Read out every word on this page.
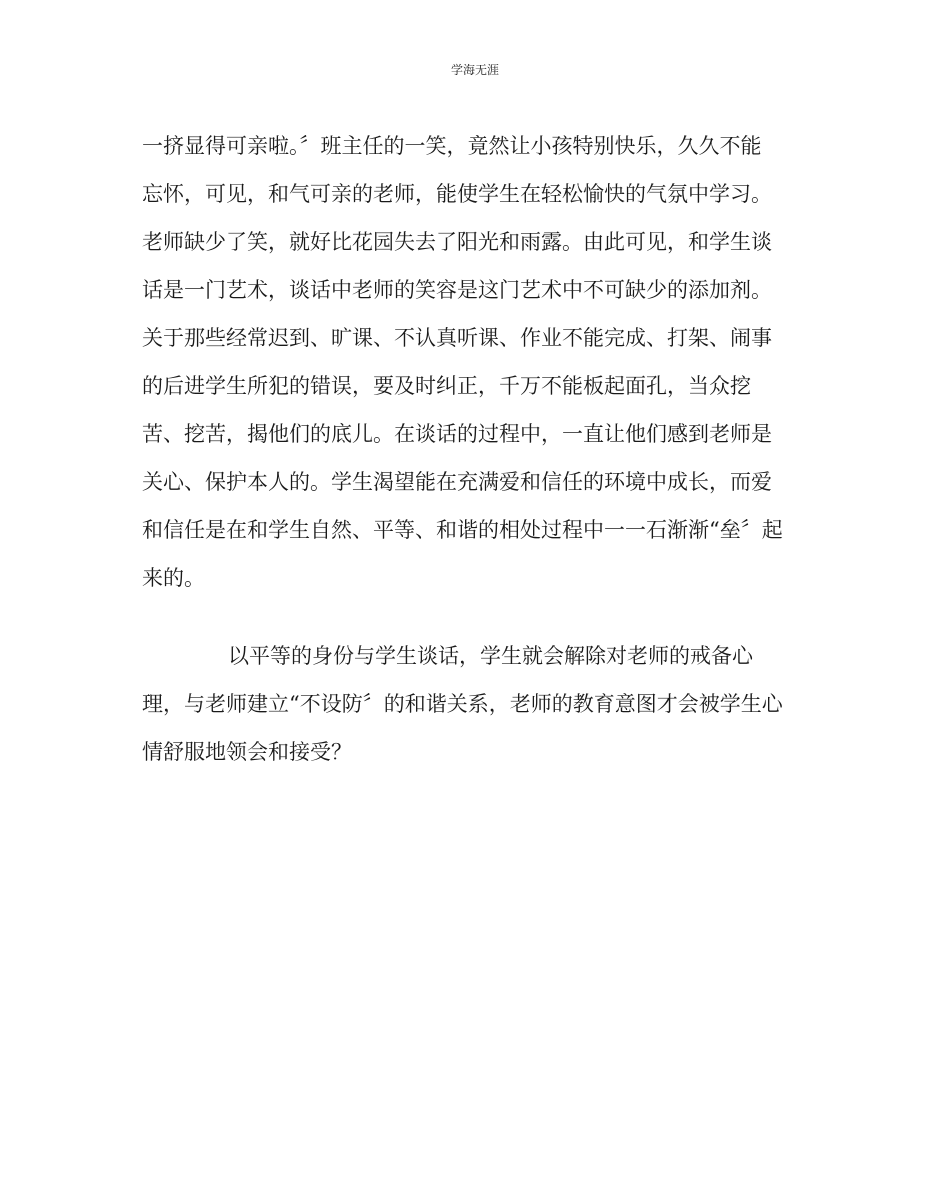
学海无涯
一挤显得可亲啦。〞班主任的一笑，竟然让小孩特别快乐，久久不能
忘怀，可见，和气可亲的老师，能使学生在轻松愉快的气氛中学习。
老师缺少了笑，就好比花园失去了阳光和雨露。由此可见，和学生谈
话是一门艺术，谈话中老师的笑容是这门艺术中不可缺少的添加剂。
关于那些经常迟到、旷课、不认真听课、作业不能完成、打架、闹事
的后进学生所犯的错误，要及时纠正，千万不能板起面孔，当众挖
苦、挖苦，揭他们的底儿。在谈话的过程中，一直让他们感到老师是
关心、保护本人的。学生渴望能在充满爱和信任的环境中成长，而爱
和信任是在和学生自然、平等、和谐的相处过程中一一石渐渐“垒〞起
来的。
以平等的身份与学生谈话，学生就会解除对老师的戒备心
理，与老师建立“不设防〞的和谐关系，老师的教育意图才会被学生心
情舒服地领会和接受？
